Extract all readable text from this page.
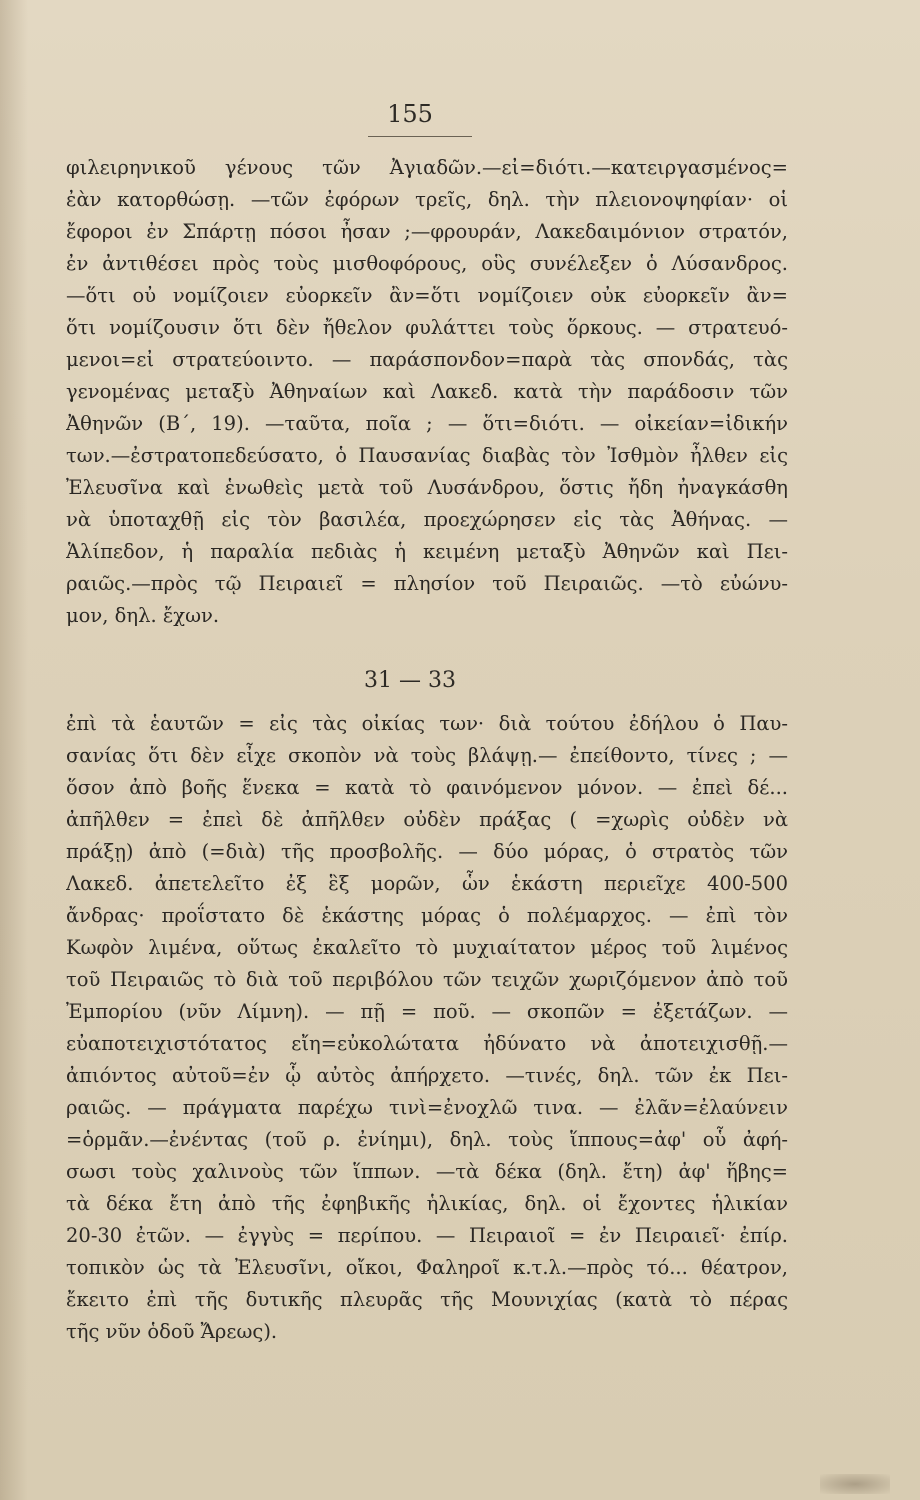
155
φιλειρηνικοῦ γένους τῶν Ἀγιαδῶν.—εἰ=διότι.—κατειργασμένος=
ἐὰν κατορθώσῃ. —τῶν ἐφόρων τρεῖς, δηλ. τὴν πλειονοψηφίαν· οἱ
ἔφοροι ἐν Σπάρτῃ πόσοι ἦσαν ;—φρουράν, Λακεδαιμόνιον στρατόν,
ἐν ἀντιθέσει πρὸς τοὺς μισθοφόρους, οὓς συνέλεξεν ὁ Λύσανδρος.
—ὅτι οὐ νομίζοιεν εὐορκεῖν ἂν=ὅτι νομίζοιεν οὐκ εὐορκεῖν ἂν=
ὅτι νομίζουσιν ὅτι δὲν ἤθελον φυλάττει τοὺς ὅρκους. — στρατευό-
μενοι=εἰ στρατεύοιντο. — παράσπονδον=παρὰ τὰς σπονδάς, τὰς
γενομένας μεταξὺ Ἀθηναίων καὶ Λακεδ. κατὰ τὴν παράδοσιν τῶν
Ἀθηνῶν (Β΄, 19). —ταῦτα, ποῖα ; — ὅτι=διότι. — οἰκείαν=ἰδικήν
των.—ἐστρατοπεδεύσατο, ὁ Παυσανίας διαβὰς τὸν Ἰσθμὸν ἦλθεν εἰς
Ἐλευσῖνα καὶ ἑνωθεὶς μετὰ τοῦ Λυσάνδρου, ὅστις ἤδη ἠναγκάσθη
νὰ ὑποταχθῇ εἰς τὸν βασιλέα, προεχώρησεν εἰς τὰς Ἀθήνας. —
Ἁλίπεδον, ἡ παραλία πεδιὰς ἡ κειμένη μεταξὺ Ἀθηνῶν καὶ Πει-
ραιῶς.—πρὸς τῷ Πειραιεῖ = πλησίον τοῦ Πειραιῶς. —τὸ εὐώνυ-
μον, δηλ. ἔχων.
31 — 33
ἐπὶ τὰ ἑαυτῶν = εἰς τὰς οἰκίας των· διὰ τούτου ἐδήλου ὁ Παυ-
σανίας ὅτι δὲν εἶχε σκοπὸν νὰ τοὺς βλάψῃ.— ἐπείθοντο, τίνες ; —
ὅσον ἀπὸ βοῆς ἕνεκα = κατὰ τὸ φαινόμενον μόνον. — ἐπεὶ δέ...
ἀπῆλθεν = ἐπεὶ δὲ ἀπῆλθεν οὐδὲν πράξας ( =χωρὶς οὐδὲν νὰ
πράξῃ) ἀπὸ (=διὰ) τῆς προσβολῆς. — δύο μόρας, ὁ στρατὸς τῶν
Λακεδ. ἀπετελεῖτο ἐξ ἓξ μορῶν, ὧν ἑκάστη περιεῖχε 400-500
ἄνδρας· προΐστατο δὲ ἑκάστης μόρας ὁ πολέμαρχος. — ἐπὶ τὸν
Κωφὸν λιμένα, οὕτως ἐκαλεῖτο τὸ μυχιαίτατον μέρος τοῦ λιμένος
τοῦ Πειραιῶς τὸ διὰ τοῦ περιβόλου τῶν τειχῶν χωριζόμενον ἀπὸ τοῦ
Ἐμπορίου (νῦν Λίμνη). — πῇ = ποῦ. — σκοπῶν = ἐξετάζων. —
εὐαποτειχιστότατος εἴη=εὐκολώτατα ἠδύνατο νὰ ἀποτειχισθῇ.—
ἀπιόντος αὐτοῦ=ἐν ᾧ αὐτὸς ἀπήρχετο. —τινές, δηλ. τῶν ἐκ Πει-
ραιῶς. — πράγματα παρέχω τινὶ=ἐνοχλῶ τινα. — ἐλᾶν=ἐλαύνειν
=ὁρμᾶν.—ἐνέντας (τοῦ ρ. ἐνίημι), δηλ. τοὺς ἵππους=ἀφ' οὗ ἀφή-
σωσι τοὺς χαλινοὺς τῶν ἵππων. —τὰ δέκα (δηλ. ἔτη) ἀφ' ἥβης=
τὰ δέκα ἔτη ἀπὸ τῆς ἐφηβικῆς ἡλικίας, δηλ. οἱ ἔχοντες ἡλικίαν
20-30 ἐτῶν. — ἐγγὺς = περίπου. — Πειραιοῖ = ἐν Πειραιεῖ· ἐπίρ.
τοπικὸν ὡς τὰ Ἐλευσῖνι, οἴκοι, Φαληροῖ κ.τ.λ.—πρὸς τό... θέατρον,
ἔκειτο ἐπὶ τῆς δυτικῆς πλευρᾶς τῆς Μουνιχίας (κατὰ τὸ πέρας
τῆς νῦν ὁδοῦ Ἄρεως).
